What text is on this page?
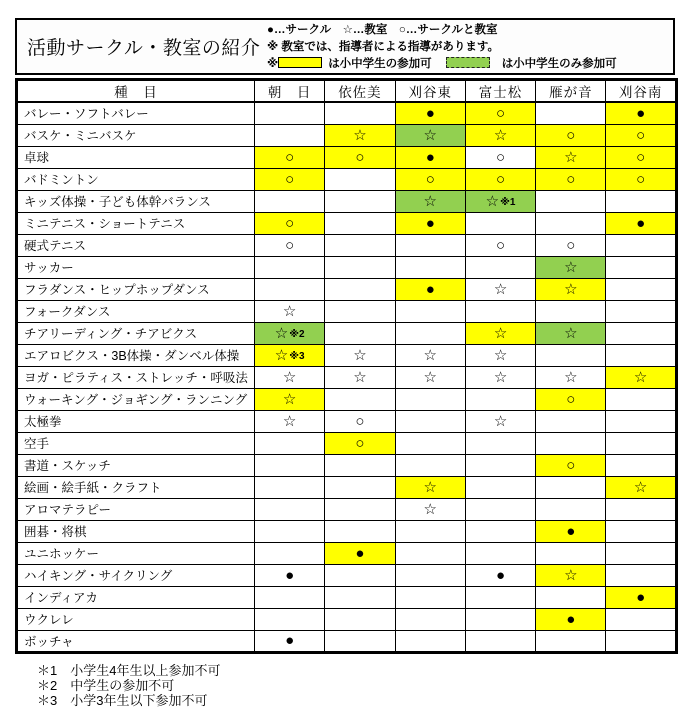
活動サークル・教室の紹介
●…サークル　☆…教室　○…サークルと教室
※ 教室では、指導者による指導があります。
※	は小中学生の参加可	は小中学生のみ参加可
種　目	朝　日	依佐美	刈谷東	富士松	雁が音	刈谷南
バレー・ソフトバレー			●	○		●
バスケ・ミニバスケ		☆	☆	☆	○	○
卓球	○	○	●	○	☆	○
バドミントン	○		○	○	○	○
キッズ体操・子ども体幹バランス			☆	☆※1		
ミニテニス・ショートテニス	○		●			●
硬式テニス	○			○	○	
サッカー					☆	
フラダンス・ヒップホップダンス			●	☆	☆	
フォークダンス	☆					
チアリーディング・チアビクス	☆※2			☆	☆	
エアロビクス・3B体操・ダンベル体操	☆※3	☆	☆	☆		
ヨガ・ピラティス・ストレッチ・呼吸法	☆	☆	☆	☆	☆	☆
ウォーキング・ジョギング・ランニング	☆				○	
太極拳	☆	○		☆		
空手		○				
書道・スケッチ					○	
絵画・絵手紙・クラフト			☆			☆
アロマテラピー			☆			
囲碁・将棋					●	
ユニホッケー		●				
ハイキング・サイクリング	●			●	☆	
インディアカ						●
ウクレレ					●	
ボッチャ	●					
＊1　小学生4年生以上参加不可
＊2　中学生の参加不可
＊3　小学3年生以下参加不可
